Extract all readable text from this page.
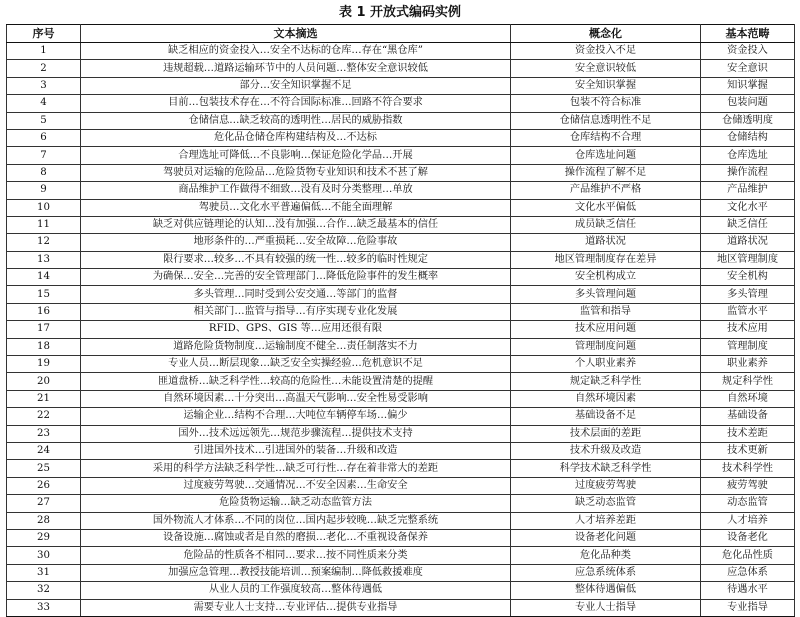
表 1 开放式编码实例
序号	文本摘选	概念化	基本范畴
1	缺乏相应的资金投入…安全不达标的仓库…存在“黑仓库”	资金投入不足	资金投入
2	违规超载…道路运输环节中的人员问题…整体安全意识较低	安全意识较低	安全意识
3	部分…安全知识掌握不足	安全知识掌握	知识掌握
4	目前…包装技术存在…不符合国际标准…回路不符合要求	包装不符合标准	包装问题
5	仓储信息…缺乏较高的透明性…居民的威胁指数	仓储信息透明性不足	仓储透明度
6	危化品仓储仓库构建结构及…不达标	仓库结构不合理	仓储结构
7	合理选址可降低…不良影响…保证危险化学品…开展	仓库选址问题	仓库选址
8	驾驶员对运输的危险品…危险货物专业知识和技术不甚了解	操作流程了解不足	操作流程
9	商品维护工作做得不细致…没有及时分类整理…单放	产品维护不严格	产品维护
10	驾驶员…文化水平普遍偏低…不能全面理解	文化水平偏低	文化水平
11	缺乏对供应链理论的认知…没有加强…合作…缺乏最基本的信任	成员缺乏信任	缺乏信任
12	地形条件的…严重损耗…安全故障…危险事故	道路状况	道路状况
13	限行要求…较多…不具有较强的统一性…较多的临时性规定	地区管理制度存在差异	地区管理制度
14	为确保…安全…完善的安全管理部门…降低危险事件的发生概率	安全机构成立	安全机构
15	多头管理…同时受到公安交通…等部门的监督	多头管理问题	多头管理
16	相关部门…监管与指导…有序实现专业化发展	监管和指导	监管水平
17	RFID、GPS、GIS 等…应用还很有限	技术应用问题	技术应用
18	道路危险货物制度…运输制度不健全…责任制落实不力	管理制度问题	管理制度
19	专业人员…断层现象…缺乏安全实操经验…危机意识不足	个人职业素养	职业素养
20	匪道盘桥…缺乏科学性…较高的危险性…未能设置清楚的提醒	规定缺乏科学性	规定科学性
21	自然环境因素…十分突出…高温天气影响…安全性易受影响	自然环境因素	自然环境
22	运输企业…结构不合理…大吨位车辆停车场…偏少	基础设备不足	基础设备
23	国外…技术远远领先…规范步骤流程…提供技术支持	技术层面的差距	技术差距
24	引进国外技术…引进国外的装备…升级和改造	技术升级及改造	技术更新
25	采用的科学方法缺乏科学性…缺乏可行性…存在着非常大的差距	科学技术缺乏科学性	技术科学性
26	过度疲劳驾驶…交通情况…不安全因素…生命安全	过度疲劳驾驶	疲劳驾驶
27	危险货物运输…缺乏动态监管方法	缺乏动态监管	动态监管
28	国外物流人才体系…不同的岗位…国内起步较晚…缺乏完整系统	人才培养差距	人才培养
29	设备设施…腐蚀或者是自然的磨损…老化…不重视设备保养	设备老化问题	设备老化
30	危险品的性质各不相同…要求…按不同性质来分类	危化品种类	危化品性质
31	加强应急管理…教授技能培训…预案编制…降低救援难度	应急系统体系	应急体系
32	从业人员的工作强度较高…整体待遇低	整体待遇偏低	待遇水平
33	需要专业人士支持…专业评估…提供专业指导	专业人士指导	专业指导
